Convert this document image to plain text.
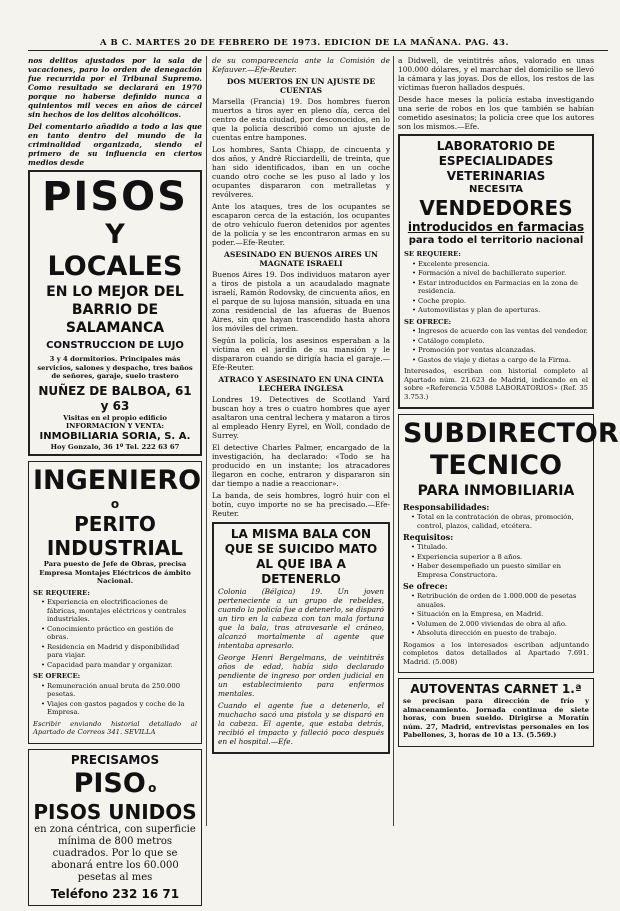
A B C. MARTES 20 DE FEBRERO DE 1973. EDICION DE LA MAÑANA. PAG. 43.

nos delitos ajustados por la sala de vacaciones, paro lo orden de denegación fue recurrida por el Tribunal Supremo. Como resultado se declarará en 1970 porque no haberse definido nunca a quinientos mil veces en años de cárcel sin hechos de los delitos alcohólicos.

Del comentario añadido a todo a las que en tanto dentro del mundo de la criminalidad organizada, siendo el primero de su influencia en ciertos medios desde

PISOS
Y LOCALES
EN LO MEJOR DEL
BARRIO DE SALAMANCA
CONSTRUCCION DE LUJO

3 y 4 dormitorios. Principales más servicios, salones y despacho, tres baños de señores, garaje, suelo trastero

NUÑEZ DE BALBOA, 61 y 63
Visitas en el propio edificio
INFORMACION Y VENTA:
INMOBILIARIA SORIA, S. A.
Hoy Gonzalo, 36 1º Tel. 222 63 67
INGENIERO
o
PERITO INDUSTRIAL

Para puesto de Jefe de Obras, precisa Empresa Montajes Eléctricos de ámbito Nacional.

SE REQUIERE:
• Experiencia en electrificaciones de fábricas, montajes eléctricos y centrales industriales.
• Conocimiento práctico en gestión de obras.
• Residencia en Madrid y disponibilidad para viajar.
• Capacidad para mandar y organizar.
SE OFRECE:
• Remuneración anual bruta de 250.000 pesetas.
• Viajes con gastos pagados y coche de la Empresa.

Escribir enviando historial detallado al Apartado de Correos 341. SEVILLA

PRECISAMOS
PISO o
PISOS UNIDOS

en zona céntrica, con superficie mínima de 800 metros cuadrados. Por lo que se abonará entre los 60.000 pesetas al mes

Teléfono 232 16 71

de su comparecencia ante la Comisión de Kefauver.—Efe-Reuter.

DOS MUERTOS EN UN AJUSTE DE CUENTAS

Marsella (Francia) 19. Dos hombres fueron muertos a tiros ayer en pleno día, cerca del centro de esta ciudad, por desconocidos, en lo que la policía describió como un ajuste de cuentas entre hampones.

Los hombres, Santa Chiapp, de cincuenta y dos años, y André Ricciardelli, de treinta, que han sido identificados, iban en un coche cuando otro coche se les puso al lado y los ocupantes dispararon con metralletas y revólveres.

Ante los ataques, tres de los ocupantes se escaparon cerca de la estación, los ocupantes de otro vehículo fueron detenidos por agentes de la policía y se les encontraron armas en su poder.—Efe-Reuter.

ASESINADO EN BUENOS AIRES UN MAGNATE ISRAELI

Buenos Aires 19. Dos individuos mataron ayer a tiros de pistola a un acaudalado magnate israelí, Ramón Rodovsky, de cincuenta años, en el parque de su lujosa mansión, situada en una zona residencial de las afueras de Buenos Aires, sin que hayan trascendido hasta ahora los móviles del crimen.

Según la policía, los asesinos esperaban a la víctima en el jardín de su mansión y le dispararon cuando se dirigía hacia el garaje.—Efe-Reuter.

ATRACO Y ASESINATO EN UNA CINTA LECHERA INGLESA

Londres 19. Detectives de Scotland Yard buscan hoy a tres o cuatro hombres que ayer asaltaron una central lechera y mataron a tiros al empleado Henry Eyrel, en Woll, condado de Surrey.

El detective Charles Palmer, encargado de la investigación, ha declarado: «Todo se ha producido en un instante; los atracadores llegaron en coche, entraron y dispararon sin dar tiempo a nadie a reaccionar».

La banda, de seis hombres, logró huir con el botín, cuyo importe no se ha precisado.—Efe-Reuter.

LA MISMA BALA CON QUE SE SUICIDO MATO AL QUE IBA A DETENERLO

Colonia (Bélgica) 19. Un joven perteneciente a un grupo de rebeldes, cuando la policía fue a detenerlo, se disparó un tiro en la cabeza con tan mala fortuna que la bala, tras atravesarle el cráneo, alcanzó mortalmente al agente que intentaba apresarlo.

George Henri Bergelmans, de veintitrés años de edad, había sido declarado pendiente de ingreso por orden judicial en un establecimiento para enfermos mentales.

Cuando el agente fue a detenerlo, el muchacho sacó una pistola y se disparó en la cabeza. El agente, que estaba detrás, recibió el impacto y falleció poco después en el hospital.—Efe.

a Didwell, de veintitrés años, valorado en unas 100.000 dólares, y el marchar del domicilio se llevó la cámara y las joyas. Dos de ellos, los restos de las víctimas fueron hallados después.

Desde hace meses la policía estaba investigando una serie de robos en los que también se habían cometido asesinatos; la policía cree que los autores son los mismos.—Efe.

LABORATORIO DE
ESPECIALIDADES VETERINARIAS
NECESITA
VENDEDORES
introducidos en farmacias
para todo el territorio nacional
SE REQUIERE:
• Excelente presencia.
• Formación a nivel de bachillerato superior.
• Estar introducidos en Farmacias en la zona de residencia.
• Coche propio.
• Automovilistas y plan de aperturas.
SE OFRECE:
• Ingresos de acuerdo con las ventas del vendedor.
• Catálogo completo.
• Promoción por ventas alcanzadas.
• Gastos de viaje y dietas a cargo de la Firma.

Interesados, escriban con historial completo al Apartado núm. 21.623 de Madrid, indicando en el sobre «Referencia V.5088 LABORATORIOS» (Ref. 35 3.753.)

SUBDIRECTOR
TECNICO
PARA INMOBILIARIA
Responsabilidades:
• Total en la contratación de obras, promoción, control, plazos, calidad, etcétera.
Requisitos:
• Titulado.
• Experiencia superior a 8 años.
• Haber desempeñado un puesto similar en Empresa Constructora.
Se ofrece:
• Retribución de orden de 1.000.000 de pesetas anuales.
• Situación en la Empresa, en Madrid.
• Volumen de 2.000 viviendas de obra al año.
• Absoluta dirección en puesto de trabajo.

Rogamos a los interesados escriban adjuntando completos datos detallados al Apartado 7.691. Madrid. (5.008)

AUTOVENTAS CARNET 1.ª

se precisan para dirección de frío y almacenamiento. Jornada continua de siete horas, con buen sueldo. Dirigirse a Moratín núm. 27, Madrid, entrevistas personales en los Pabellones, 3, horas de 10 a 13. (5.569.)
